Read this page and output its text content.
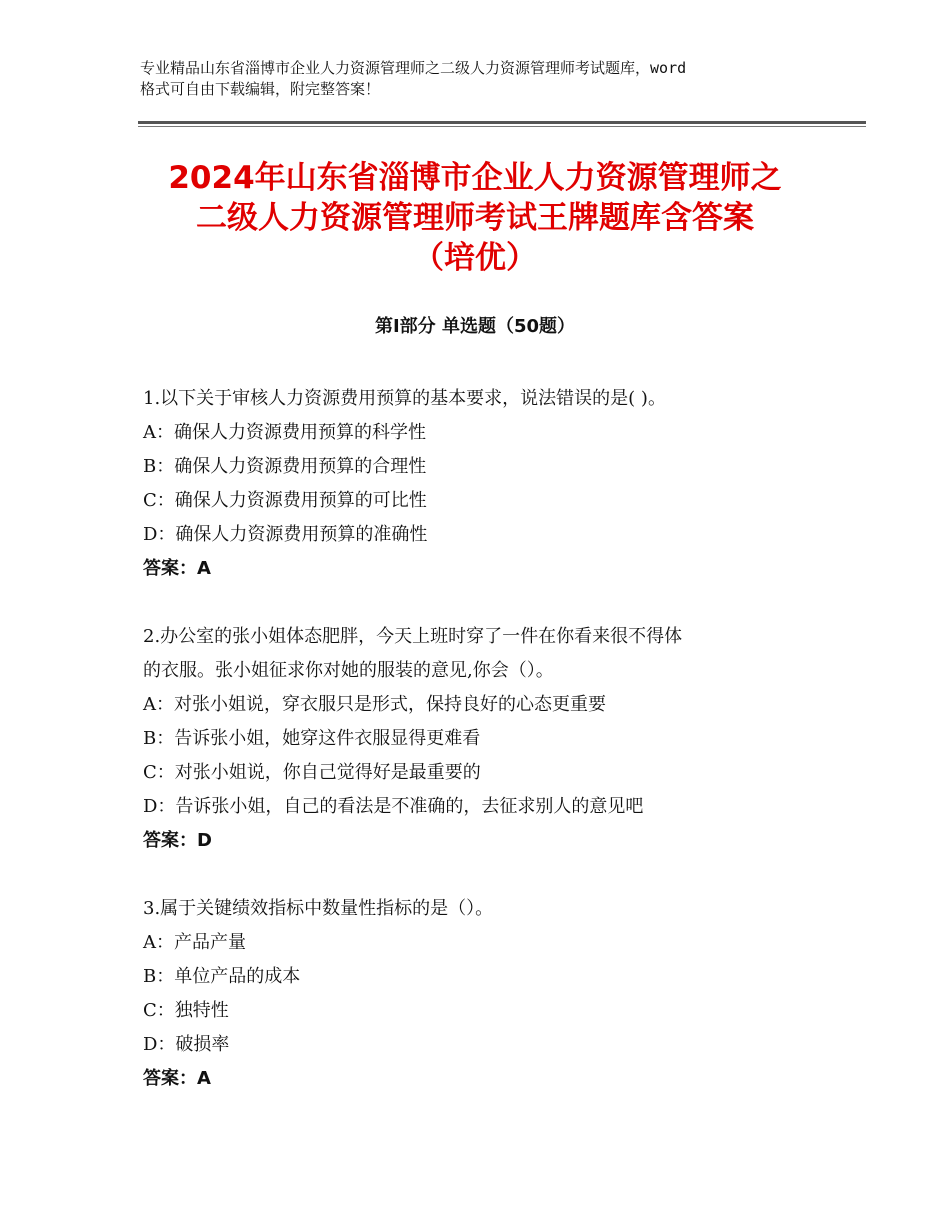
专业精品山东省淄博市企业人力资源管理师之二级人力资源管理师考试题库，word
格式可自由下载编辑，附完整答案！
2024年山东省淄博市企业人力资源管理师之
二级人力资源管理师考试王牌题库含答案
（培优）
第Ⅰ部分 单选题（50题）
1.以下关于审核人力资源费用预算的基本要求，说法错误的是( )。
A：确保人力资源费用预算的科学性
B：确保人力资源费用预算的合理性
C：确保人力资源费用预算的可比性
D：确保人力资源费用预算的准确性
答案：A
2.办公室的张小姐体态肥胖，今天上班时穿了一件在你看来很不得体
的衣服。张小姐征求你对她的服装的意见,你会（）。
A：对张小姐说，穿衣服只是形式，保持良好的心态更重要
B：告诉张小姐，她穿这件衣服显得更难看
C：对张小姐说，你自己觉得好是最重要的
D：告诉张小姐，自己的看法是不准确的，去征求别人的意见吧
答案：D
3.属于关键绩效指标中数量性指标的是（）。
A：产品产量
B：单位产品的成本
C：独特性
D：破损率
答案：A
